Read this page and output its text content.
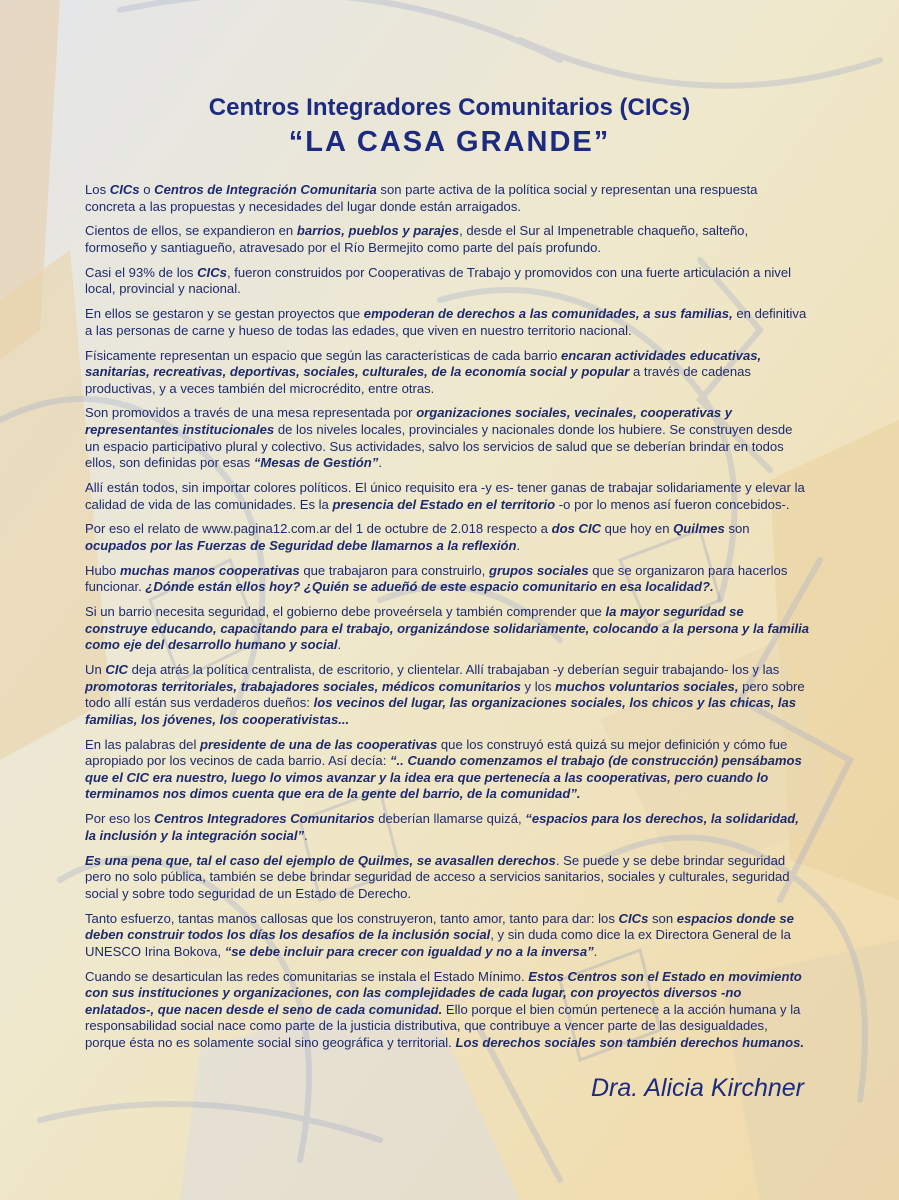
Centros Integradores Comunitarios (CICs)
“LA CASA GRANDE”

Los CICs o Centros de Integración Comunitaria son parte activa de la política social y representan una respuesta concreta a las propuestas y necesidades del lugar donde están arraigados.

Cientos de ellos, se expandieron en barrios, pueblos y parajes, desde el Sur al Impenetrable chaqueño, salteño, formoseño y santiagueño, atravesado por el Río Bermejito como parte del país profundo.

Casi el 93% de los CICs, fueron construidos por Cooperativas de Trabajo y promovidos con una fuerte articulación a nivel local, provincial y nacional.

En ellos se gestaron y se gestan proyectos que empoderan de derechos a las comunidades, a sus familias, en definitiva a las personas de carne y hueso de todas las edades, que viven en nuestro territorio nacional.

Físicamente representan un espacio que según las características de cada barrio encaran actividades educativas, sanitarias, recreativas, deportivas, sociales, culturales, de la economía social y popular a través de cadenas productivas, y a veces también del microcrédito, entre otras.

Son promovidos a través de una mesa representada por organizaciones sociales, vecinales, cooperativas y representantes institucionales de los niveles locales, provinciales y nacionales donde los hubiere. Se construyen desde un espacio participativo plural y colectivo. Sus actividades, salvo los servicios de salud que se deberían brindar en todos ellos, son definidas por esas “Mesas de Gestión”.

Allí están todos, sin importar colores políticos. El único requisito era -y es- tener ganas de trabajar solidariamente y elevar la calidad de vida de las comunidades. Es la presencia del Estado en el territorio -o por lo menos así fueron concebidos-.

Por eso el relato de www.pagina12.com.ar del 1 de octubre de 2.018 respecto a dos CIC que hoy en Quilmes son ocupados por las Fuerzas de Seguridad debe llamarnos a la reflexión.

Hubo muchas manos cooperativas que trabajaron para construirlo, grupos sociales que se organizaron para hacerlos funcionar. ¿Dónde están ellos hoy? ¿Quién se adueñó de este espacio comunitario en esa localidad?.

Si un barrio necesita seguridad, el gobierno debe proveérsela y también comprender que la mayor seguridad se construye educando, capacitando para el trabajo, organizándose solidariamente, colocando a la persona y la familia como eje del desarrollo humano y social.

Un CIC deja atrás la política centralista, de escritorio, y clientelar. Allí trabajaban -y deberían seguir trabajando- los y las promotoras territoriales, trabajadores sociales, médicos comunitarios y los muchos voluntarios sociales, pero sobre todo allí están sus verdaderos dueños: los vecinos del lugar, las organizaciones sociales, los chicos y las chicas, las familias, los jóvenes, los cooperativistas...

En las palabras del presidente de una de las cooperativas que los construyó está quizá su mejor definición y cómo fue apropiado por los vecinos de cada barrio. Así decía: “.. Cuando comenzamos el trabajo (de construcción) pensábamos que el CIC era nuestro, luego lo vimos avanzar y la idea era que pertenecía a las cooperativas, pero cuando lo terminamos nos dimos cuenta que era de la gente del barrio, de la comunidad”.

Por eso los Centros Integradores Comunitarios deberían llamarse quizá, “espacios para los derechos, la solidaridad, la inclusión y la integración social”.

Es una pena que, tal el caso del ejemplo de Quilmes, se avasallen derechos. Se puede y se debe brindar seguridad pero no solo pública, también se debe brindar seguridad de acceso a servicios sanitarios, sociales y culturales, seguridad social y sobre todo seguridad de un Estado de Derecho.

Tanto esfuerzo, tantas manos callosas que los construyeron, tanto amor, tanto para dar: los CICs son espacios donde se deben construir todos los días los desafíos de la inclusión social, y sin duda como dice la ex Directora General de la UNESCO Irina Bokova, “se debe incluir para crecer con igualdad y no a la inversa”.

Cuando se desarticulan las redes comunitarias se instala el Estado Mínimo. Estos Centros son el Estado en movimiento con sus instituciones y organizaciones, con las complejidades de cada lugar, con proyectos diversos -no enlatados-, que nacen desde el seno de cada comunidad. Ello porque el bien común pertenece a la acción humana y la responsabilidad social nace como parte de la justicia distributiva, que contribuye a vencer parte de las desigualdades, porque ésta no es solamente social sino geográfica y territorial. Los derechos sociales son también derechos humanos.

Dra. Alicia Kirchner
